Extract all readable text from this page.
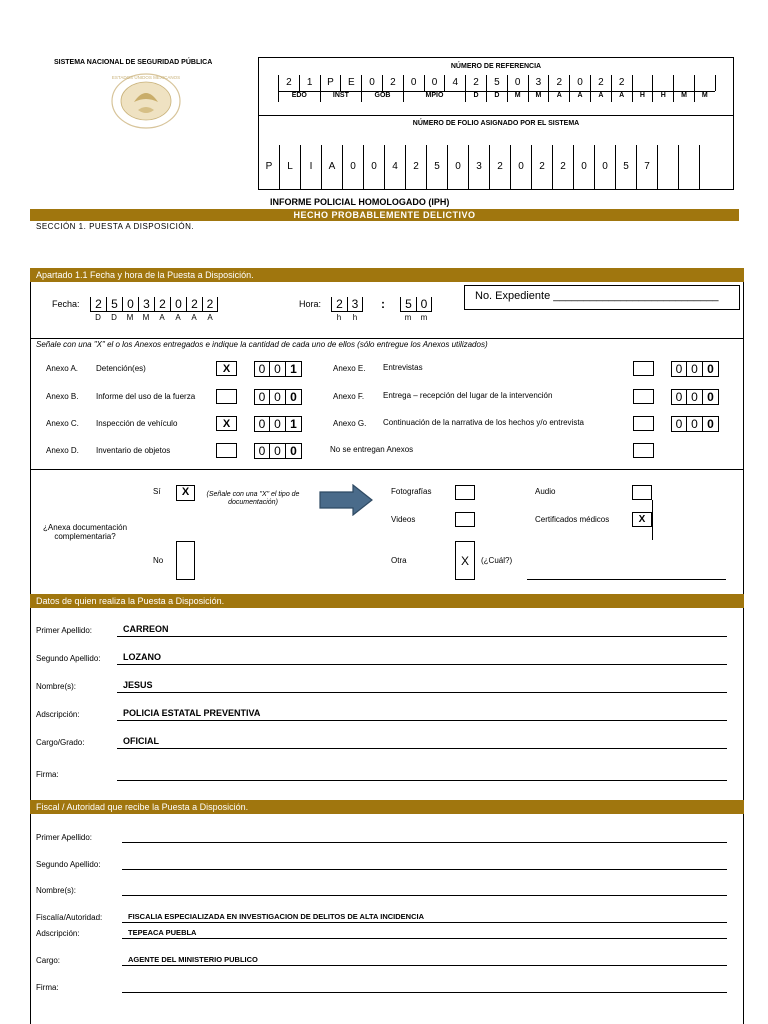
SISTEMA NACIONAL DE SEGURIDAD PÚBLICA
ESTADOS UNIDOS MEXICANOS
NÚMERO DE REFERENCIA
2	1	P	E	0	2	0	0	4	2	5	0	3	2	0	2	2
EDO	INST	GOB	MPIO	D	D	M	M	A	A	A	A	H	H	M	M
NÚMERO DE FOLIO ASIGNADO POR EL SISTEMA
P	L	I	A	0	0	4	2	5	0	3	2	0	2	2	0	0	5	7
INFORME POLICIAL HOMOLOGADO (IPH)
HECHO PROBABLEMENTE DELICTIVO
SECCIÓN 1. PUESTA A DISPOSICIÓN.
Apartado 1.1 Fecha y hora de la Puesta a Disposición.
Fecha:	2 5 0 3 2 0 2 2
D	D	M	M	A	A	A	A
Hora:	2 3	:	5 0
h	h	m	m
No. Expediente ___________________________
Señale con una "X" el o los Anexos entregados e indique la cantidad de cada uno de ellos (sólo entregue los Anexos utilizados)
Anexo A. Detención(es)	X	0 0 1
Anexo B. Informe del uso de la fuerza	0 0 0
Anexo C. Inspección de vehículo	X	0 0 1
Anexo D. Inventario de objetos	0 0 0
Anexo E. Entrevistas	0 0 0
Anexo F. Entrega – recepción del lugar de la intervención	0 0 0
Anexo G. Continuación de la narrativa de los hechos y/o entrevista	0 0 0
No se entregan Anexos
Sí	X	(Señale con una "X" el tipo de documentación)
¿Anexa documentación complementaria?
No
Fotografías	Audio
Videos	Certificados médicos	X
Otra	X	(¿Cuál?)
Datos de quien realiza la Puesta a Disposición.
Primer Apellido:	CARREON
Segundo Apellido:	LOZANO
Nombre(s):	JESUS
Adscripción:	POLICIA ESTATAL PREVENTIVA
Cargo/Grado:	OFICIAL
Firma:
Fiscal / Autoridad que recibe la Puesta a Disposición.
Primer Apellido:
Segundo Apellido:
Nombre(s):
Fiscalía/Autoridad:	FISCALIA ESPECIALIZADA EN INVESTIGACION DE DELITOS DE ALTA INCIDENCIA
Adscripción:	TEPEACA PUEBLA
Cargo:	AGENTE DEL MINISTERIO PUBLICO
Firma:
